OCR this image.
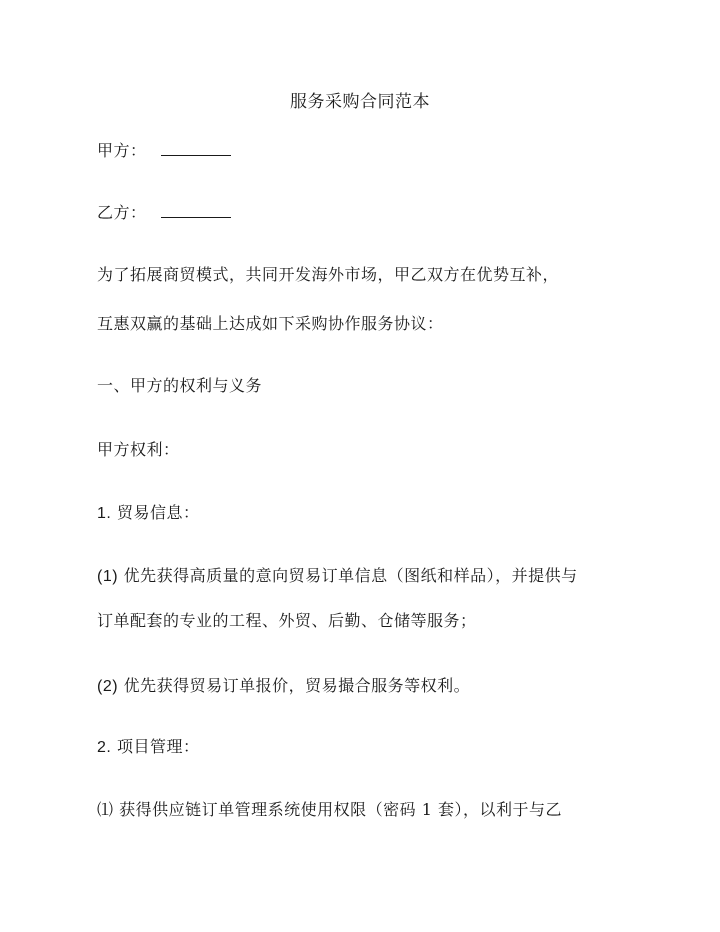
服务采购合同范本
甲方：
乙方：
为了拓展商贸模式，共同开发海外市场，甲乙双方在优势互补，
互惠双赢的基础上达成如下采购协作服务协议：
一、甲方的权利与义务
甲方权利：
1. 贸易信息：
(1) 优先获得高质量的意向贸易订单信息（图纸和样品），并提供与
订单配套的专业的工程、外贸、后勤、仓储等服务；
(2) 优先获得贸易订单报价，贸易撮合服务等权利。
2. 项目管理：
⑴ 获得供应链订单管理系统使用权限（密码 1 套），以利于与乙
